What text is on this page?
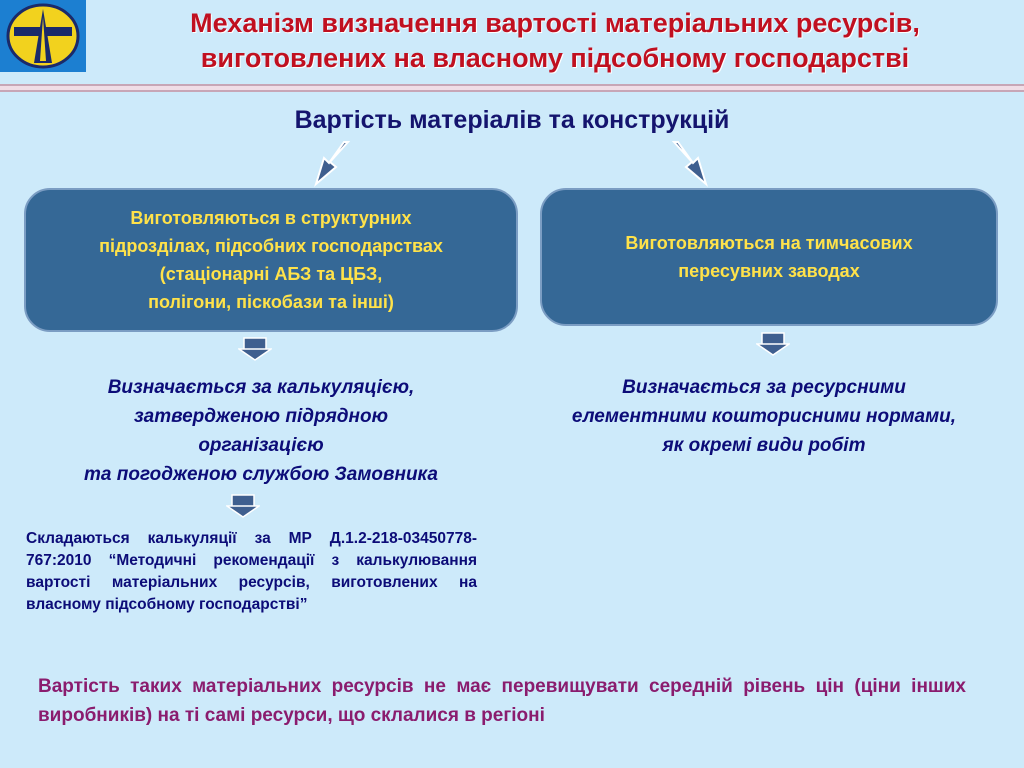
Механізм визначення вартості матеріальних ресурсів,
виготовлених на власному підсобному господарстві
Вартість матеріалів та конструкцій
Виготовляються в структурних
підрозділах, підсобних господарствах
(стаціонарні АБЗ та ЦБЗ,
полігони, піскобази та інші)
Виготовляються на тимчасових
пересувних заводах
Визначається за калькуляцією,
затвердженою підрядною
організацією
та погодженою службою Замовника
Визначається за ресурсними
елементними кошторисними нормами,
як окремі види робіт
Складаються калькуляції за МР Д.1.2-218-03450778-767:2010 “Методичні рекомендації з калькулювання вартості матеріальних ресурсів, виготовлених на власному підсобному господарстві”
Вартість таких матеріальних ресурсів не має перевищувати середній рівень цін (ціни інших виробників) на ті самі ресурси, що склалися в регіоні
